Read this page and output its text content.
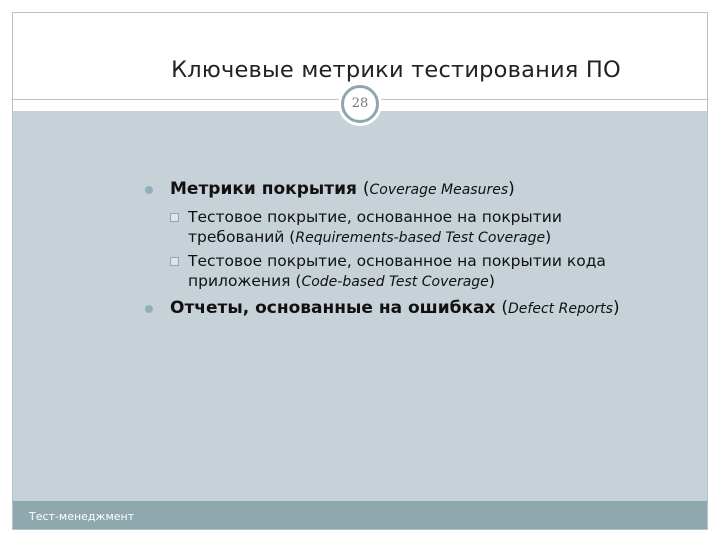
Ключевые метрики тестирования ПО
28
Тест-менеджмент
Метрики покрытия (Coverage Measures)
Тестовое покрытие, основанное на покрытии требований (Requirements-based Test Coverage)
Тестовое покрытие, основанное на покрытии кода приложения (Code-based Test Coverage)
Отчеты, основанные на ошибках (Defect Reports)
